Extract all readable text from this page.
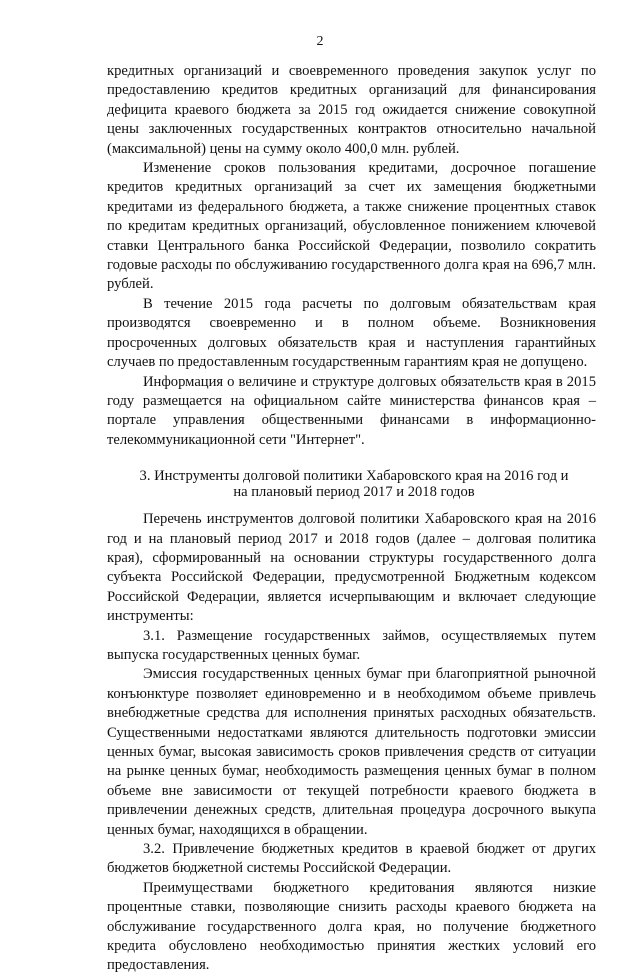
2

кредитных организаций и своевременного проведения закупок услуг по предоставлению кредитов кредитных организаций для финансирования дефицита краевого бюджета за 2015 год ожидается снижение совокупной цены заключенных государственных контрактов относительно начальной (максимальной) цены на сумму около 400,0 млн. рублей.

Изменение сроков пользования кредитами, досрочное погашение кредитов кредитных организаций за счет их замещения бюджетными кредитами из федерального бюджета, а также снижение процентных ставок по кредитам кредитных организаций, обусловленное понижением ключевой ставки Центрального банка Российской Федерации, позволило сократить годовые расходы по обслуживанию государственного долга края на 696,7 млн. рублей.

В течение 2015 года расчеты по долговым обязательствам края производятся своевременно и в полном объеме. Возникновения просроченных долговых обязательств края и наступления гарантийных случаев по предоставленным государственным гарантиям края не допущено.

Информация о величине и структуре долговых обязательств края в 2015 году размещается на официальном сайте министерства финансов края – портале управления общественными финансами в информационно-телекоммуникационной сети "Интернет".

3. Инструменты долговой политики Хабаровского края на 2016 год и на плановый период 2017 и 2018 годов

Перечень инструментов долговой политики Хабаровского края на 2016 год и на плановый период 2017 и 2018 годов (далее – долговая политика края), сформированный на основании структуры государственного долга субъекта Российской Федерации, предусмотренной Бюджетным кодексом Российской Федерации, является исчерпывающим и включает следующие инструменты:

3.1. Размещение государственных займов, осуществляемых путем выпуска государственных ценных бумаг.

Эмиссия государственных ценных бумаг при благоприятной рыночной конъюнктуре позволяет единовременно и в необходимом объеме привлечь внебюджетные средства для исполнения принятых расходных обязательств. Существенными недостатками являются длительность подготовки эмиссии ценных бумаг, высокая зависимость сроков привлечения средств от ситуации на рынке ценных бумаг, необходимость размещения ценных бумаг в полном объеме вне зависимости от текущей потребности краевого бюджета в привлечении денежных средств, длительная процедура досрочного выкупа ценных бумаг, находящихся в обращении.

3.2. Привлечение бюджетных кредитов в краевой бюджет от других бюджетов бюджетной системы Российской Федерации.

Преимуществами бюджетного кредитования являются низкие процентные ставки, позволяющие снизить расходы краевого бюджета на обслуживание государственного долга края, но получение бюджетного кредита обусловлено необходимостью принятия жестких условий его предоставления.
